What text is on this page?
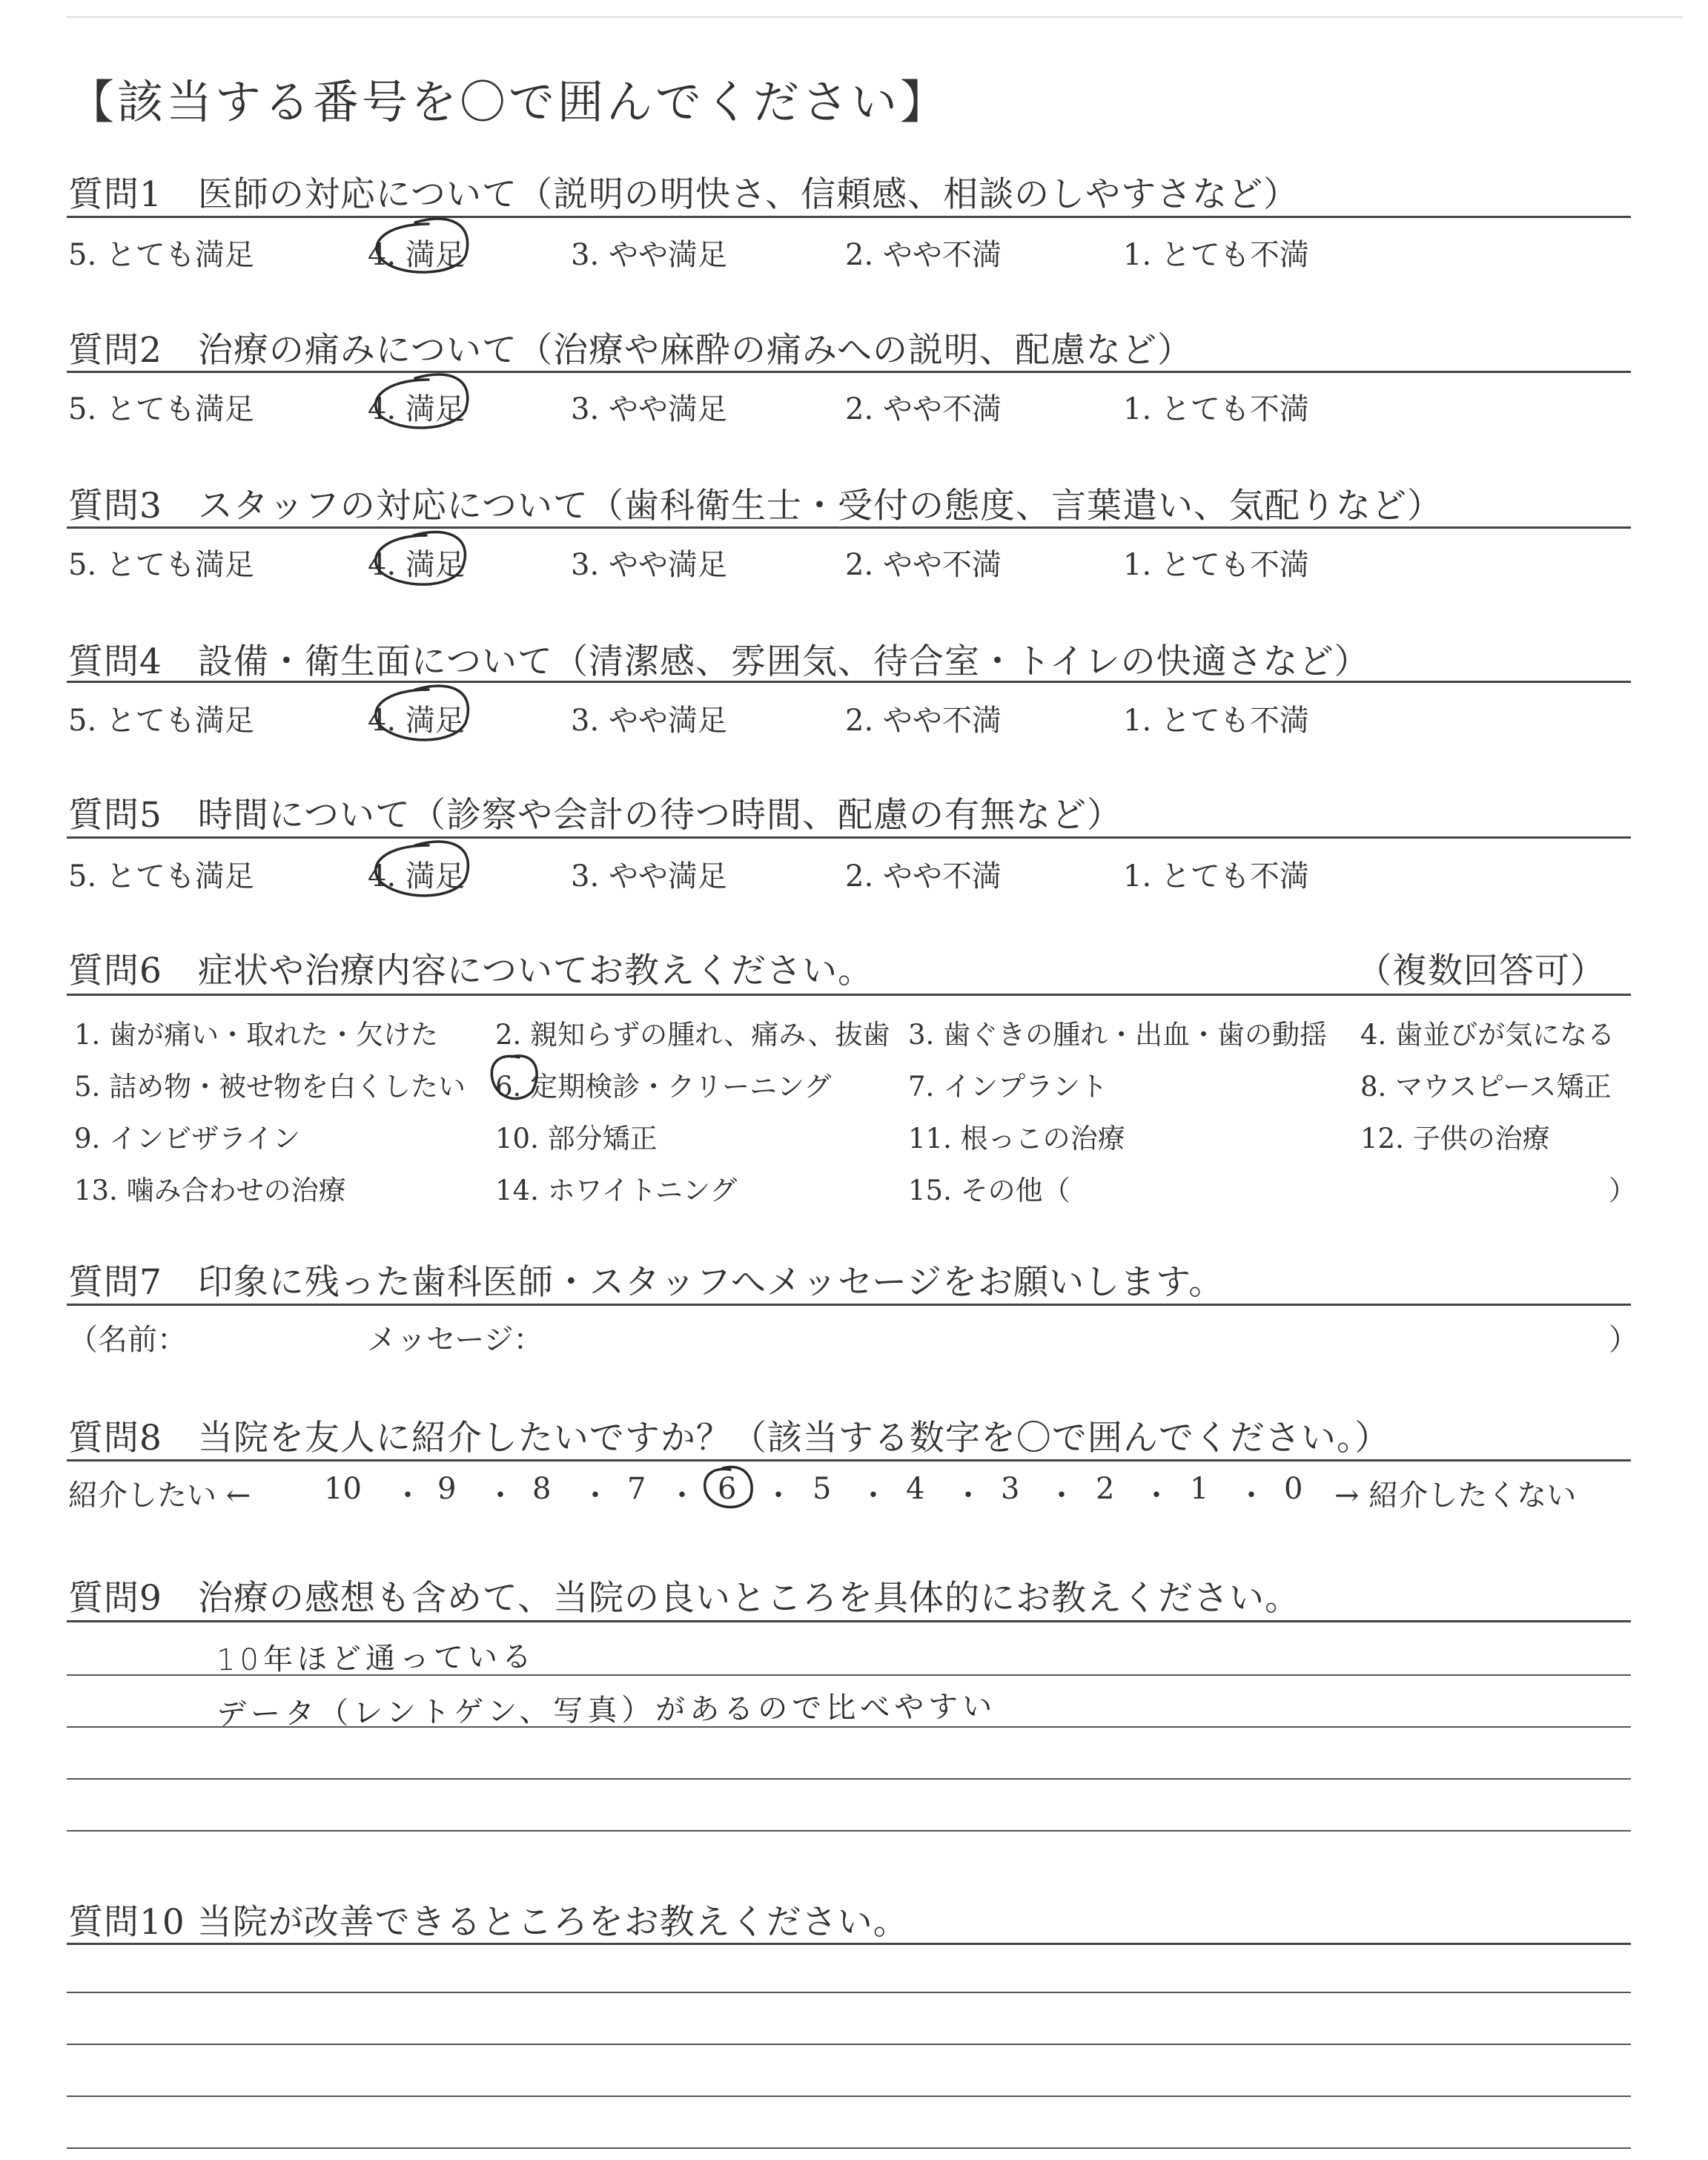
【該当する番号を〇で囲んでください】
質問1　医師の対応について（説明の明快さ、信頼感、相談のしやすさなど）
5. とても満足	4. 満足	3. やや満足	2. やや不満	1. とても不満
質問2　治療の痛みについて（治療や麻酔の痛みへの説明、配慮など）
5. とても満足	4. 満足	3. やや満足	2. やや不満	1. とても不満
質問3　スタッフの対応について（歯科衛生士・受付の態度、言葉遣い、気配りなど）
5. とても満足	4. 満足	3. やや満足	2. やや不満	1. とても不満
質問4　設備・衛生面について（清潔感、雰囲気、待合室・トイレの快適さなど）
5. とても満足	4. 満足	3. やや満足	2. やや不満	1. とても不満
質問5　時間について（診察や会計の待つ時間、配慮の有無など）
5. とても満足	4. 満足	3. やや満足	2. やや不満	1. とても不満
質問6　症状や治療内容についてお教えください。	（複数回答可）
1. 歯が痛い・取れた・欠けた 2. 親知らずの腫れ、痛み、抜歯 3. 歯ぐきの腫れ・出血・歯の動揺 4. 歯並びが気になる
5. 詰め物・被せ物を白くしたい 6. 定期検診・クリーニング	7. インプラント	8. マウスピース矯正
9. インビザライン	10. 部分矯正	11. 根っこの治療	12. 子供の治療
13. 噛み合わせの治療	14. ホワイトニング	15. その他（	）
質問7　印象に残った歯科医師・スタッフへメッセージをお願いします。
（名前：	メッセージ：	）
質問8　当院を友人に紹介したいですか？（該当する数字を〇で囲んでください。）
紹介したい ← 10 ・ 9 ・ 8 ・ 7 ・ 6 ・ 5 ・ 4 ・ 3 ・ 2 ・ 1 ・ 0 → 紹介したくない
質問9　治療の感想も含めて、当院の良いところを具体的にお教えください。
10年ほど通っている
データ（レントゲン、写真）があるので比べやすい
質問10 当院が改善できるところをお教えください。
